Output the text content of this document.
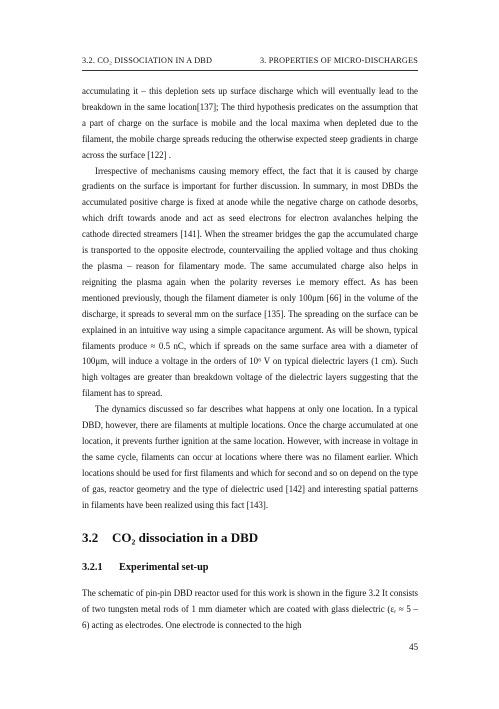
3.2. CO₂ DISSOCIATION IN A DBD	3. PROPERTIES OF MICRO-DISCHARGES

accumulating it – this depletion sets up surface discharge which will eventually lead to the breakdown in the same location[137]; The third hypothesis predicates on the assumption that a part of charge on the surface is mobile and the local maxima when depleted due to the filament, the mobile charge spreads reducing the otherwise expected steep gradients in charge across the surface [122] .

Irrespective of mechanisms causing memory effect, the fact that it is caused by charge gradients on the surface is important for further discussion. In summary, in most DBDs the accumulated positive charge is fixed at anode while the negative charge on cathode desorbs, which drift towards anode and act as seed electrons for electron avalanches helping the cathode directed streamers [141]. When the streamer bridges the gap the accumulated charge is transported to the opposite electrode, countervailing the applied voltage and thus choking the plasma – reason for filamentary mode. The same accumulated charge also helps in reigniting the plasma again when the polarity reverses i.e memory effect. As has been mentioned previously, though the filament diameter is only 100μm [66] in the volume of the discharge, it spreads to several mm on the surface [135]. The spreading on the surface can be explained in an intuitive way using a simple capacitance argument. As will be shown, typical filaments produce ≈ 0.5 nC, which if spreads on the same surface area with a diameter of 100μm, will induce a voltage in the orders of 10⁶ V on typical dielectric layers (1 cm). Such high voltages are greater than breakdown voltage of the dielectric layers suggesting that the filament has to spread.

The dynamics discussed so far describes what happens at only one location. In a typical DBD, however, there are filaments at multiple locations. Once the charge accumulated at one location, it prevents further ignition at the same location. However, with increase in voltage in the same cycle, filaments can occur at locations where there was no filament earlier. Which locations should be used for first filaments and which for second and so on depend on the type of gas, reactor geometry and the type of dielectric used [142] and interesting spatial patterns in filaments have been realized using this fact [143].

3.2 CO₂ dissociation in a DBD
3.2.1 Experimental set-up

The schematic of pin-pin DBD reactor used for this work is shown in the figure 3.2 It consists of two tungsten metal rods of 1 mm diameter which are coated with glass dielectric (εᵣ ≈ 5 – 6) acting as electrodes. One electrode is connected to the high

45
